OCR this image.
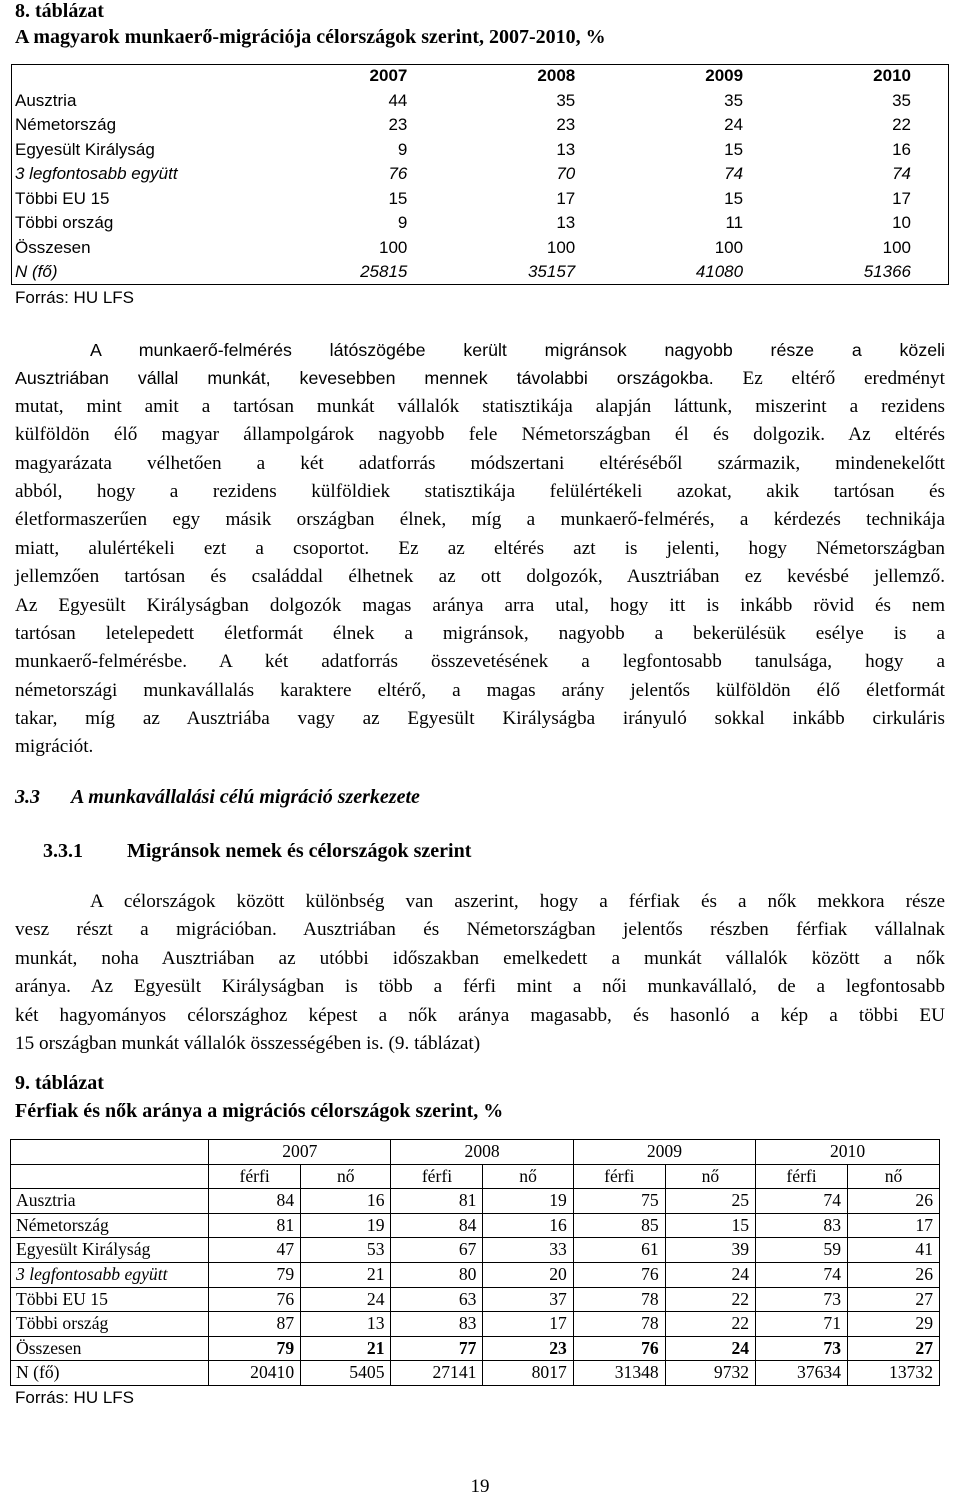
8. táblázat
A magyarok munkaerő-migrációja célországok szerint, 2007-2010, %
	2007	2008	2009	2010
Ausztria	44	35	35	35
Németország	23	23	24	22
Egyesült Királyság	9	13	15	16
3 legfontosabb együtt	76	70	74	74
Többi EU 15	15	17	15	17
Többi ország	9	13	11	10
Összesen	100	100	100	100
N (fő)	25815	35157	41080	51366
Forrás: HU LFS
A munkaerő-felmérés látószögébe került migránsok nagyobb része a közeli
Ausztriában vállal munkát, kevesebben mennek távolabbi országokba. Ez eltérő eredményt
mutat, mint amit a tartósan munkát vállalók statisztikája alapján láttunk, miszerint a rezidens
külföldön élő magyar állampolgárok nagyobb fele Németországban él és dolgozik. Az eltérés
magyarázata vélhetően a két adatforrás módszertani eltéréséből származik, mindenekelőtt
abból, hogy a rezidens külföldiek statisztikája felülértékeli azokat, akik tartósan és
életformaszerűen egy másik országban élnek, míg a munkaerő-felmérés, a kérdezés technikája
miatt, alulértékeli ezt a csoportot. Ez az eltérés azt is jelenti, hogy Németországban
jellemzően tartósan és családdal élhetnek az ott dolgozók, Ausztriában ez kevésbé jellemző.
Az Egyesült Királyságban dolgozók magas aránya arra utal, hogy itt is inkább rövid és nem
tartósan letelepedett életformát élnek a migránsok, nagyobb a bekerülésük esélye is a
munkaerő-felmérésbe. A két adatforrás összevetésének a legfontosabb tanulsága, hogy a
németországi munkavállalás karaktere eltérő, a magas arány jelentős külföldön élő életformát
takar, míg az Ausztriába vagy az Egyesült Királyságba irányuló sokkal inkább cirkuláris
migrációt.
3.3 A munkavállalási célú migráció szerkezete
3.3.1 Migránsok nemek és célországok szerint
A célországok között különbség van aszerint, hogy a férfiak és a nők mekkora része
vesz részt a migrációban. Ausztriában és Németországban jelentős részben férfiak vállalnak
munkát, noha Ausztriában az utóbbi időszakban emelkedett a munkát vállalók között a nők
aránya. Az Egyesült Királyságban is több a férfi mint a női munkavállaló, de a legfontosabb
két hagyományos célországhoz képest a nők aránya magasabb, és hasonló a kép a többi EU
15 országban munkát vállalók összességében is. (9. táblázat)
9. táblázat
Férfiak és nők aránya a migrációs célországok szerint, %
	2007		2008		2009		2010	
	férfi	nő	férfi	nő	férfi	nő	férfi	nő
Ausztria	84	16	81	19	75	25	74	26
Németország	81	19	84	16	85	15	83	17
Egyesült Királyság	47	53	67	33	61	39	59	41
3 legfontosabb együtt	79	21	80	20	76	24	74	26
Többi EU 15	76	24	63	37	78	22	73	27
Többi ország	87	13	83	17	78	22	71	29
Összesen	79	21	77	23	76	24	73	27
N (fő)	20410	5405	27141	8017	31348	9732	37634	13732
Forrás: HU LFS
19
